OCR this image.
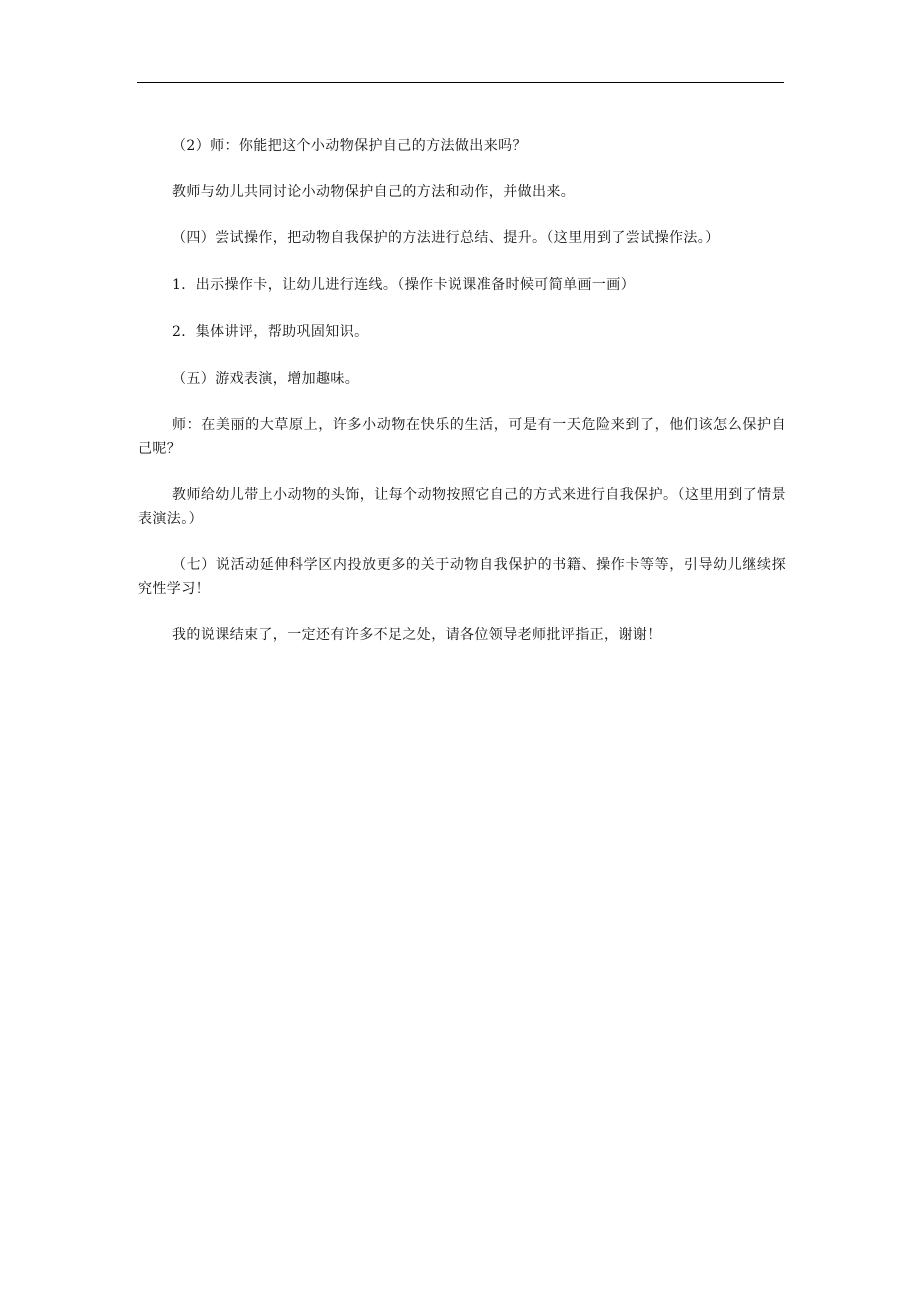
（2）师：你能把这个小动物保护自己的方法做出来吗？

教师与幼儿共同讨论小动物保护自己的方法和动作，并做出来。

（四）尝试操作，把动物自我保护的方法进行总结、提升。（这里用到了尝试操作法。）

1．出示操作卡，让幼儿进行连线。（操作卡说课准备时候可简单画一画）

2．集体讲评，帮助巩固知识。

（五）游戏表演，增加趣味。

师：在美丽的大草原上，许多小动物在快乐的生活，可是有一天危险来到了，他们该怎么保护自己呢？

教师给幼儿带上小动物的头饰，让每个动物按照它自己的方式来进行自我保护。（这里用到了情景表演法。）

（七）说活动延伸科学区内投放更多的关于动物自我保护的书籍、操作卡等等，引导幼儿继续探究性学习！

我的说课结束了，一定还有许多不足之处，请各位领导老师批评指正，谢谢！
